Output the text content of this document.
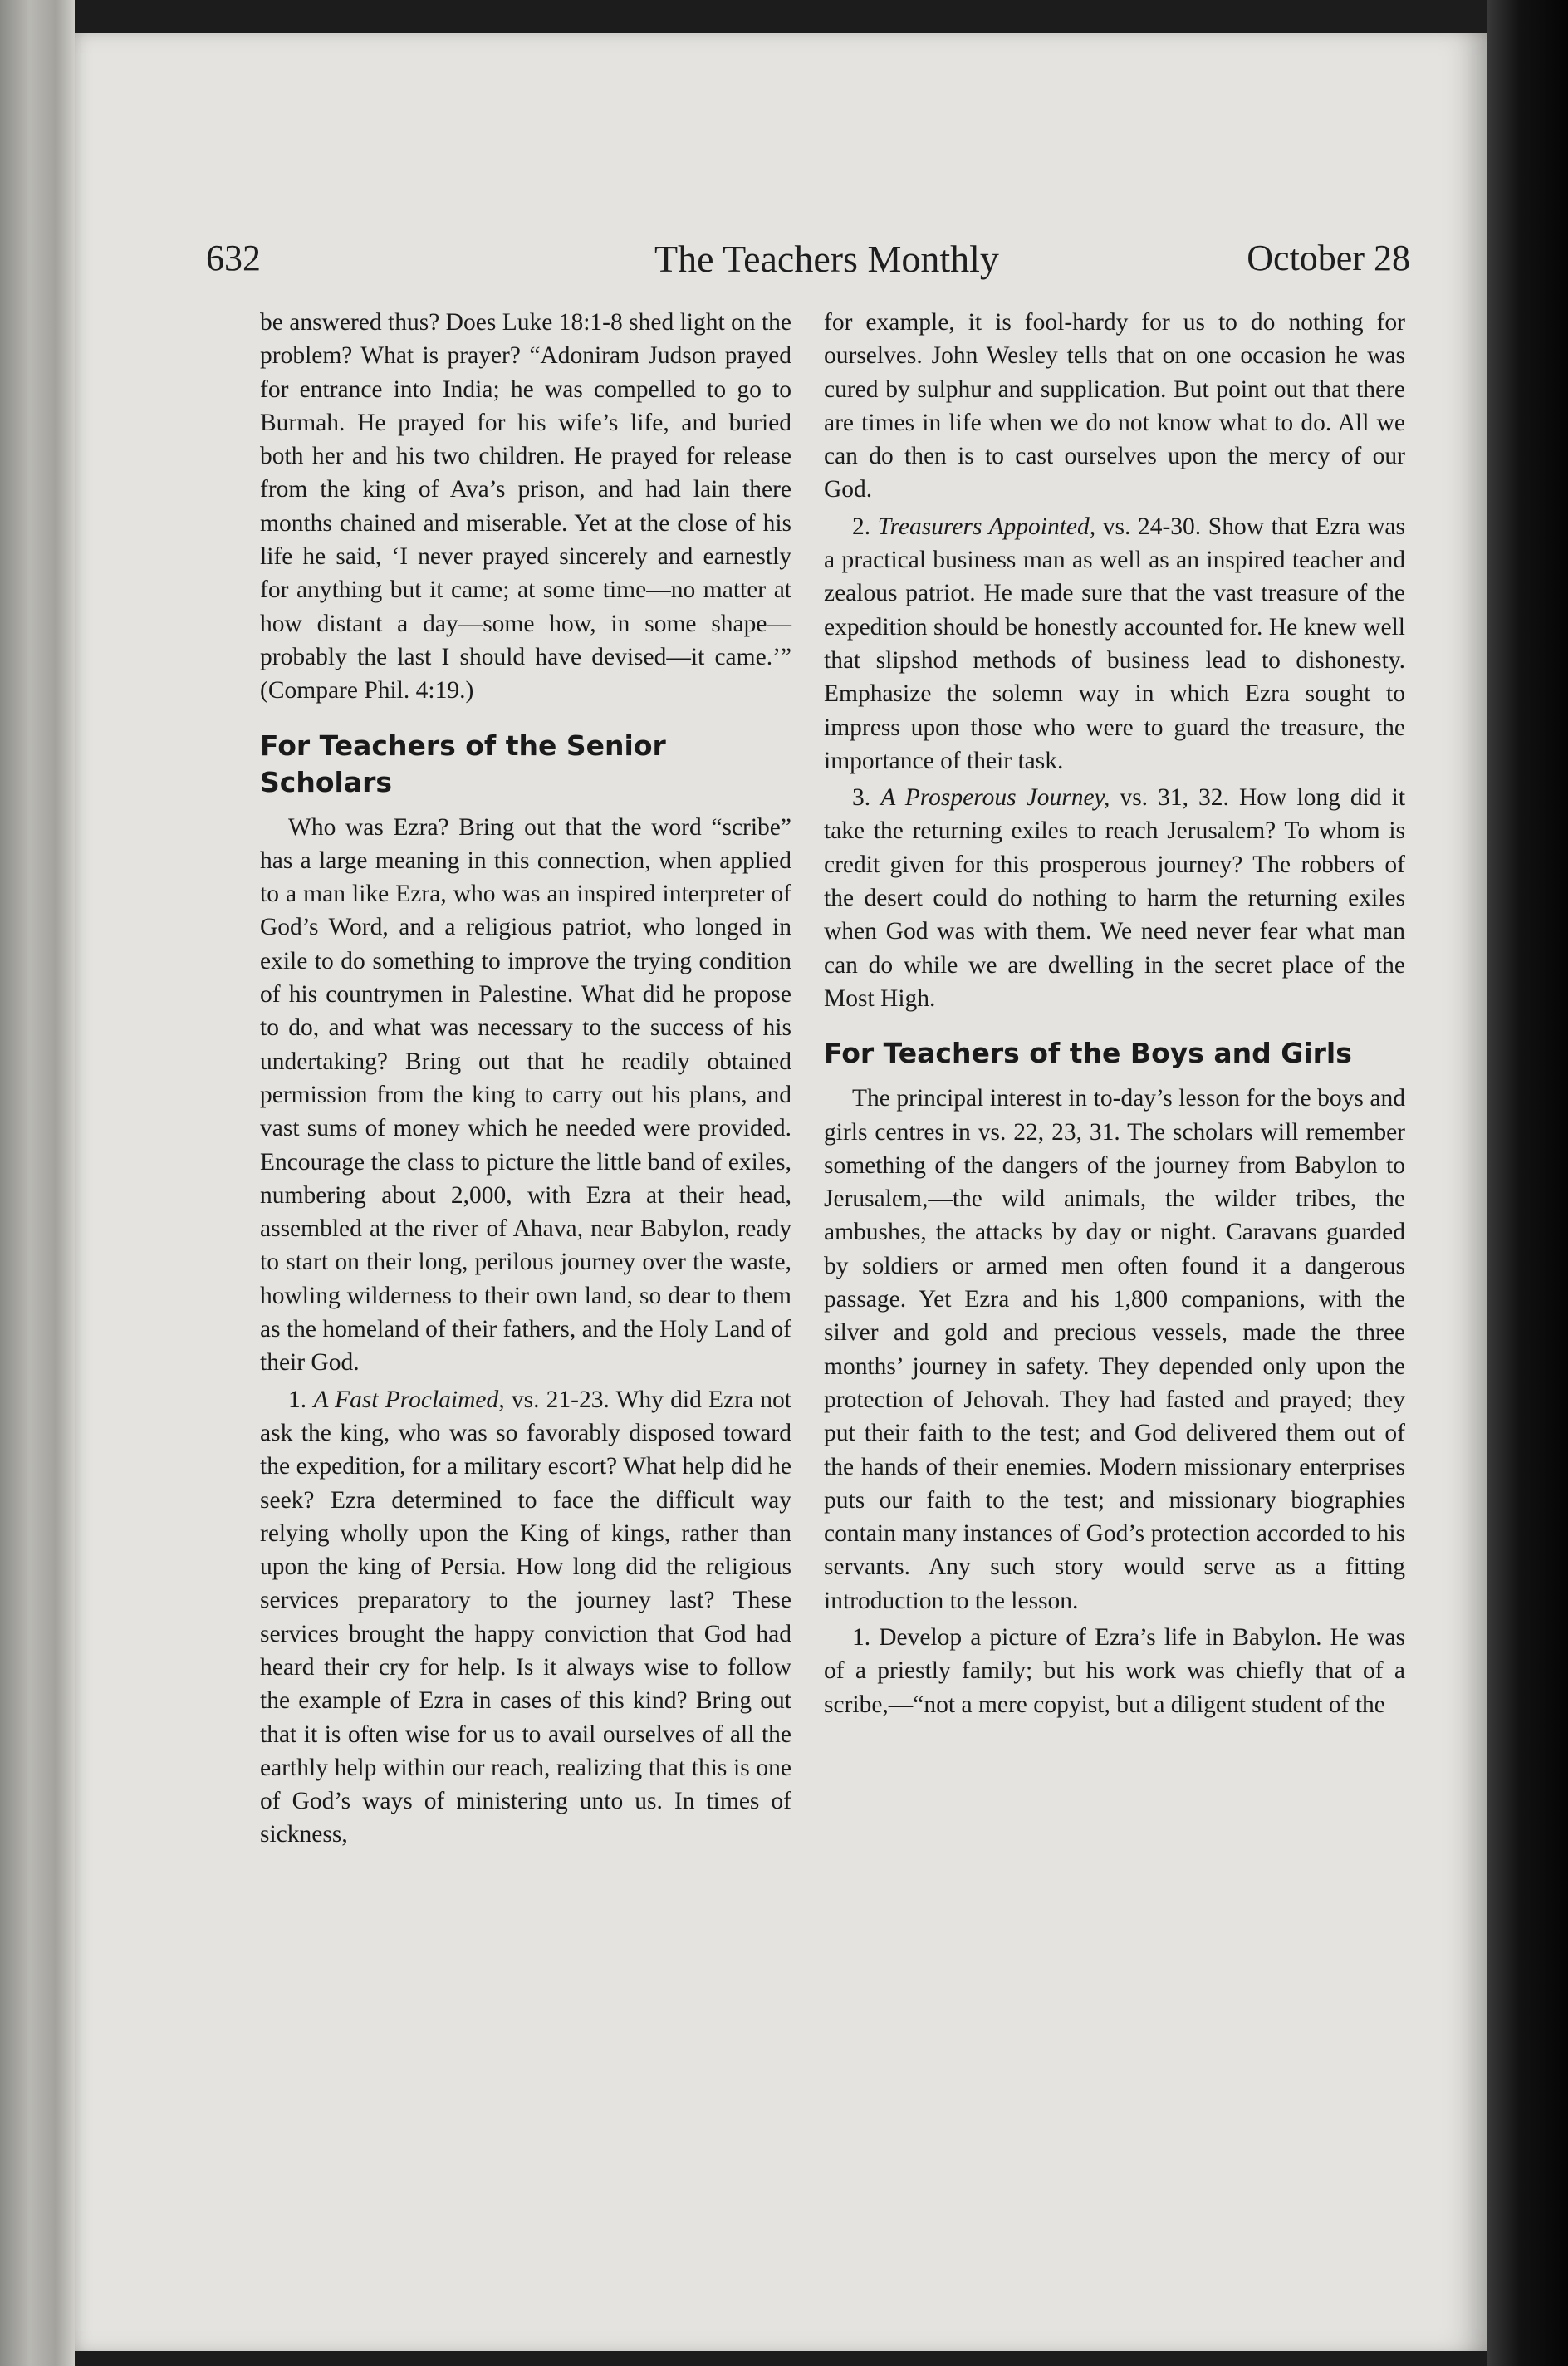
632	The Teachers Monthly	October 28

be answered thus? Does Luke 18:1-8 shed light on the problem? What is prayer? “Adoniram Judson prayed for entrance into India; he was compelled to go to Burmah. He prayed for his wife’s life, and buried both her and his two children. He prayed for release from the king of Ava’s prison, and had lain there months chained and miserable. Yet at the close of his life he said, ‘I never prayed sincerely and earnestly for anything but it came; at some time—no matter at how distant a day—some how, in some shape—probably the last I should have devised—it came.’” (Compare Phil. 4:19.)

For Teachers of the Senior Scholars

Who was Ezra? Bring out that the word “scribe” has a large meaning in this connection, when applied to a man like Ezra, who was an inspired interpreter of God’s Word, and a religious patriot, who longed in exile to do something to improve the trying condition of his countrymen in Palestine. What did he propose to do, and what was necessary to the success of his undertaking? Bring out that he readily obtained permission from the king to carry out his plans, and vast sums of money which he needed were provided. Encourage the class to picture the little band of exiles, numbering about 2,000, with Ezra at their head, assembled at the river of Ahava, near Babylon, ready to start on their long, perilous journey over the waste, howling wilderness to their own land, so dear to them as the homeland of their fathers, and the Holy Land of their God.

1. A Fast Proclaimed, vs. 21-23. Why did Ezra not ask the king, who was so favorably disposed toward the expedition, for a military escort? What help did he seek? Ezra determined to face the difficult way relying wholly upon the King of kings, rather than upon the king of Persia. How long did the religious services preparatory to the journey last? These services brought the happy conviction that God had heard their cry for help. Is it always wise to follow the example of Ezra in cases of this kind? Bring out that it is often wise for us to avail ourselves of all the earthly help within our reach, realizing that this is one of God’s ways of ministering unto us. In times of sickness,

for example, it is fool-hardy for us to do nothing for ourselves. John Wesley tells that on one occasion he was cured by sulphur and supplication. But point out that there are times in life when we do not know what to do. All we can do then is to cast ourselves upon the mercy of our God.

2. Treasurers Appointed, vs. 24-30. Show that Ezra was a practical business man as well as an inspired teacher and zealous patriot. He made sure that the vast treasure of the expedition should be honestly accounted for. He knew well that slipshod methods of business lead to dishonesty. Emphasize the solemn way in which Ezra sought to impress upon those who were to guard the treasure, the importance of their task.

3. A Prosperous Journey, vs. 31, 32. How long did it take the returning exiles to reach Jerusalem? To whom is credit given for this prosperous journey? The robbers of the desert could do nothing to harm the returning exiles when God was with them. We need never fear what man can do while we are dwelling in the secret place of the Most High.

For Teachers of the Boys and Girls

The principal interest in to-day’s lesson for the boys and girls centres in vs. 22, 23, 31. The scholars will remember something of the dangers of the journey from Babylon to Jerusalem,—the wild animals, the wilder tribes, the ambushes, the attacks by day or night. Caravans guarded by soldiers or armed men often found it a dangerous passage. Yet Ezra and his 1,800 companions, with the silver and gold and precious vessels, made the three months’ journey in safety. They depended only upon the protection of Jehovah. They had fasted and prayed; they put their faith to the test; and God delivered them out of the hands of their enemies. Modern missionary enterprises puts our faith to the test; and missionary biographies contain many instances of God’s protection accorded to his servants. Any such story would serve as a fitting introduction to the lesson.

1. Develop a picture of Ezra’s life in Babylon. He was of a priestly family; but his work was chiefly that of a scribe,—“not a mere copyist, but a diligent student of the
